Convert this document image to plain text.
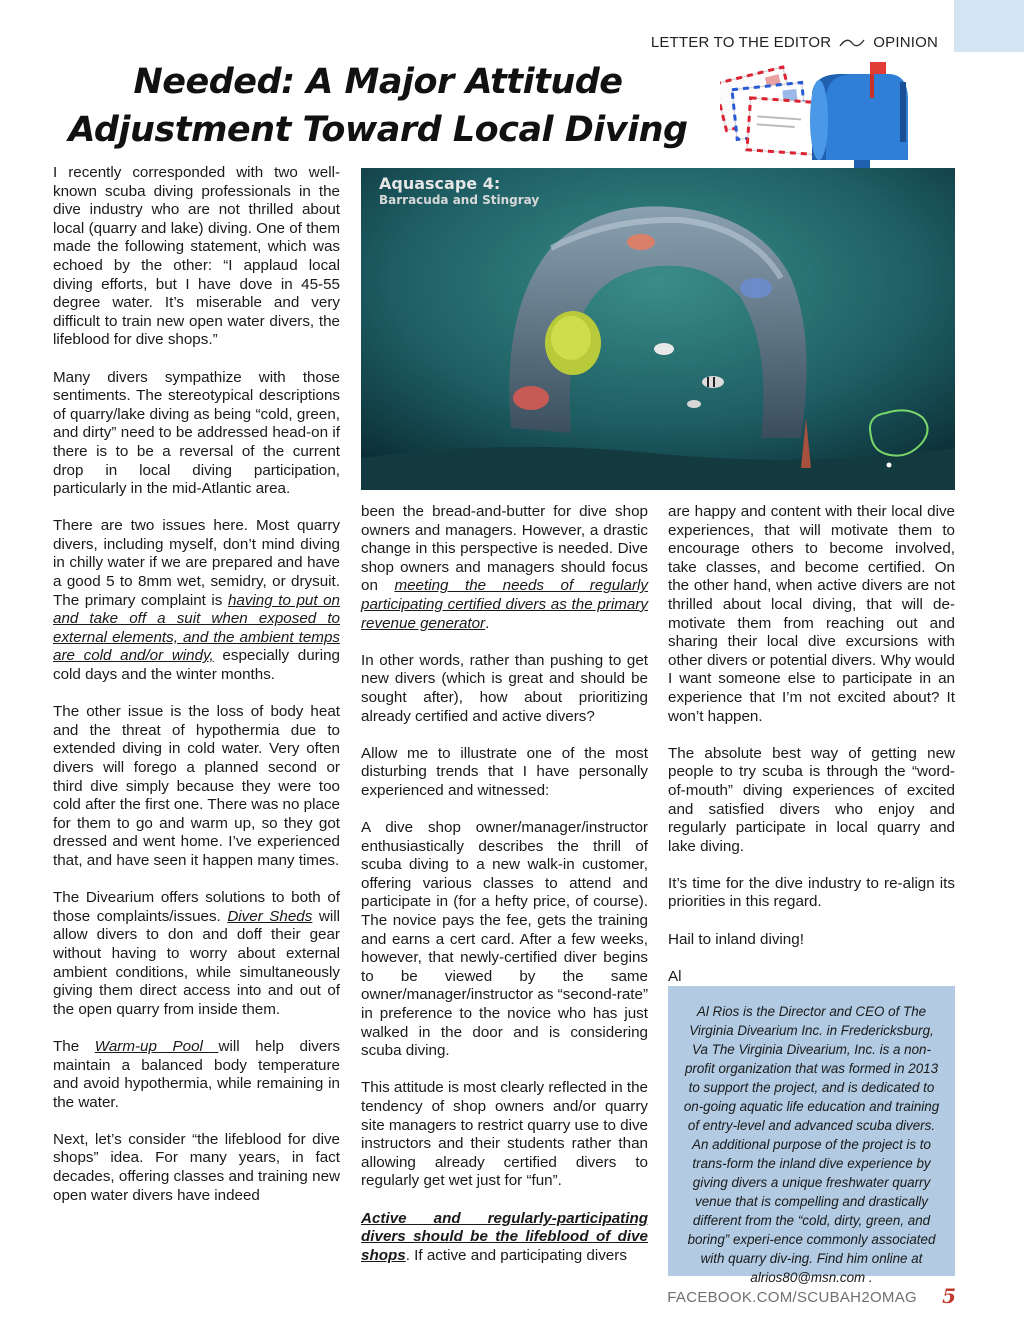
LETTER TO THE EDITOR	OPINION
Needed: A Major Attitude
Adjustment Toward Local Diving
Aquascape 4:
Barracuda and Stingray

I recently corresponded with two well-known scuba diving professionals in the dive industry who are not thrilled about local (quarry and lake) diving. One of them made the following statement, which was echoed by the other: “I applaud local diving efforts, but I have dove in 45-55 degree water. It’s miserable and very difficult to train new open water divers, the lifeblood for dive shops.”

Many divers sympathize with those sentiments. The stereotypical descriptions of quarry/lake diving as being “cold, green, and dirty” need to be addressed head-on if there is to be a reversal of the current drop in local diving participation, particularly in the mid-Atlantic area.

There are two issues here. Most quarry divers, including myself, don’t mind diving in chilly water if we are prepared and have a good 5 to 8mm wet, semidry, or drysuit. The primary complaint is having to put on and take off a suit when exposed to external elements, and the ambient temps are cold and/or windy, especially during cold days and the winter months.

The other issue is the loss of body heat and the threat of hypothermia due to extended diving in cold water. Very often divers will forego a planned second or third dive simply because they were too cold after the first one. There was no place for them to go and warm up, so they got dressed and went home. I’ve experienced that, and have seen it happen many times.

The Divearium offers solutions to both of those complaints/issues. Diver Sheds will allow divers to don and doff their gear without having to worry about external ambient conditions, while simultaneously giving them direct access into and out of the open quarry from inside them.

The Warm-up Pool will help divers maintain a balanced body temperature and avoid hypothermia, while remaining in the water.

Next, let’s consider “the lifeblood for dive shops” idea. For many years, in fact decades, offering classes and training new open water divers have indeed

been the bread-and-butter for dive shop owners and managers. However, a drastic change in this perspective is needed. Dive shop owners and managers should focus on meeting the needs of regularly participating certified divers as the primary revenue generator.

In other words, rather than pushing to get new divers (which is great and should be sought after), how about prioritizing already certified and active divers?

Allow me to illustrate one of the most disturbing trends that I have personally experienced and witnessed:

A dive shop owner/manager/instructor enthusiastically describes the thrill of scuba diving to a new walk-in customer, offering various classes to attend and participate in (for a hefty price, of course). The novice pays the fee, gets the training and earns a cert card. After a few weeks, however, that newly-certified diver begins to be viewed by the same owner/manager/instructor as “second-rate” in preference to the novice who has just walked in the door and is considering scuba diving.

This attitude is most clearly reflected in the tendency of shop owners and/or quarry site managers to restrict quarry use to dive instructors and their students rather than allowing already certified divers to regularly get wet just for “fun”.

Active and regularly-participating divers should be the lifeblood of dive shops. If active and participating divers

are happy and content with their local dive experiences, that will motivate them to encourage others to become involved, take classes, and become certified. On the other hand, when active divers are not thrilled about local diving, that will de-motivate them from reaching out and sharing their local dive excursions with other divers or potential divers. Why would I want someone else to participate in an experience that I’m not excited about? It won’t happen.

The absolute best way of getting new people to try scuba is through the “word-of-mouth” diving experiences of excited and satisfied divers who enjoy and regularly participate in local quarry and lake diving.

It’s time for the dive industry to re-align its priorities in this regard.

Hail to inland diving!

Al

Al Rios is the Director and CEO of The Virginia Divearium Inc. in Fredericksburg, Va The Virginia Divearium, Inc. is a non-profit organization that was formed in 2013 to support the project, and is dedicated to on-going aquatic life education and training of entry-level and advanced scuba divers. An additional purpose of the project is to trans-form the inland dive experience by giving divers a unique freshwater quarry venue that is compelling and drastically different from the “cold, dirty, green, and boring” experi-ence commonly associated with quarry div-ing. Find him online at alrios80@msn.com .
FACEBOOK.COM/SCUBAH2OMAG 5
